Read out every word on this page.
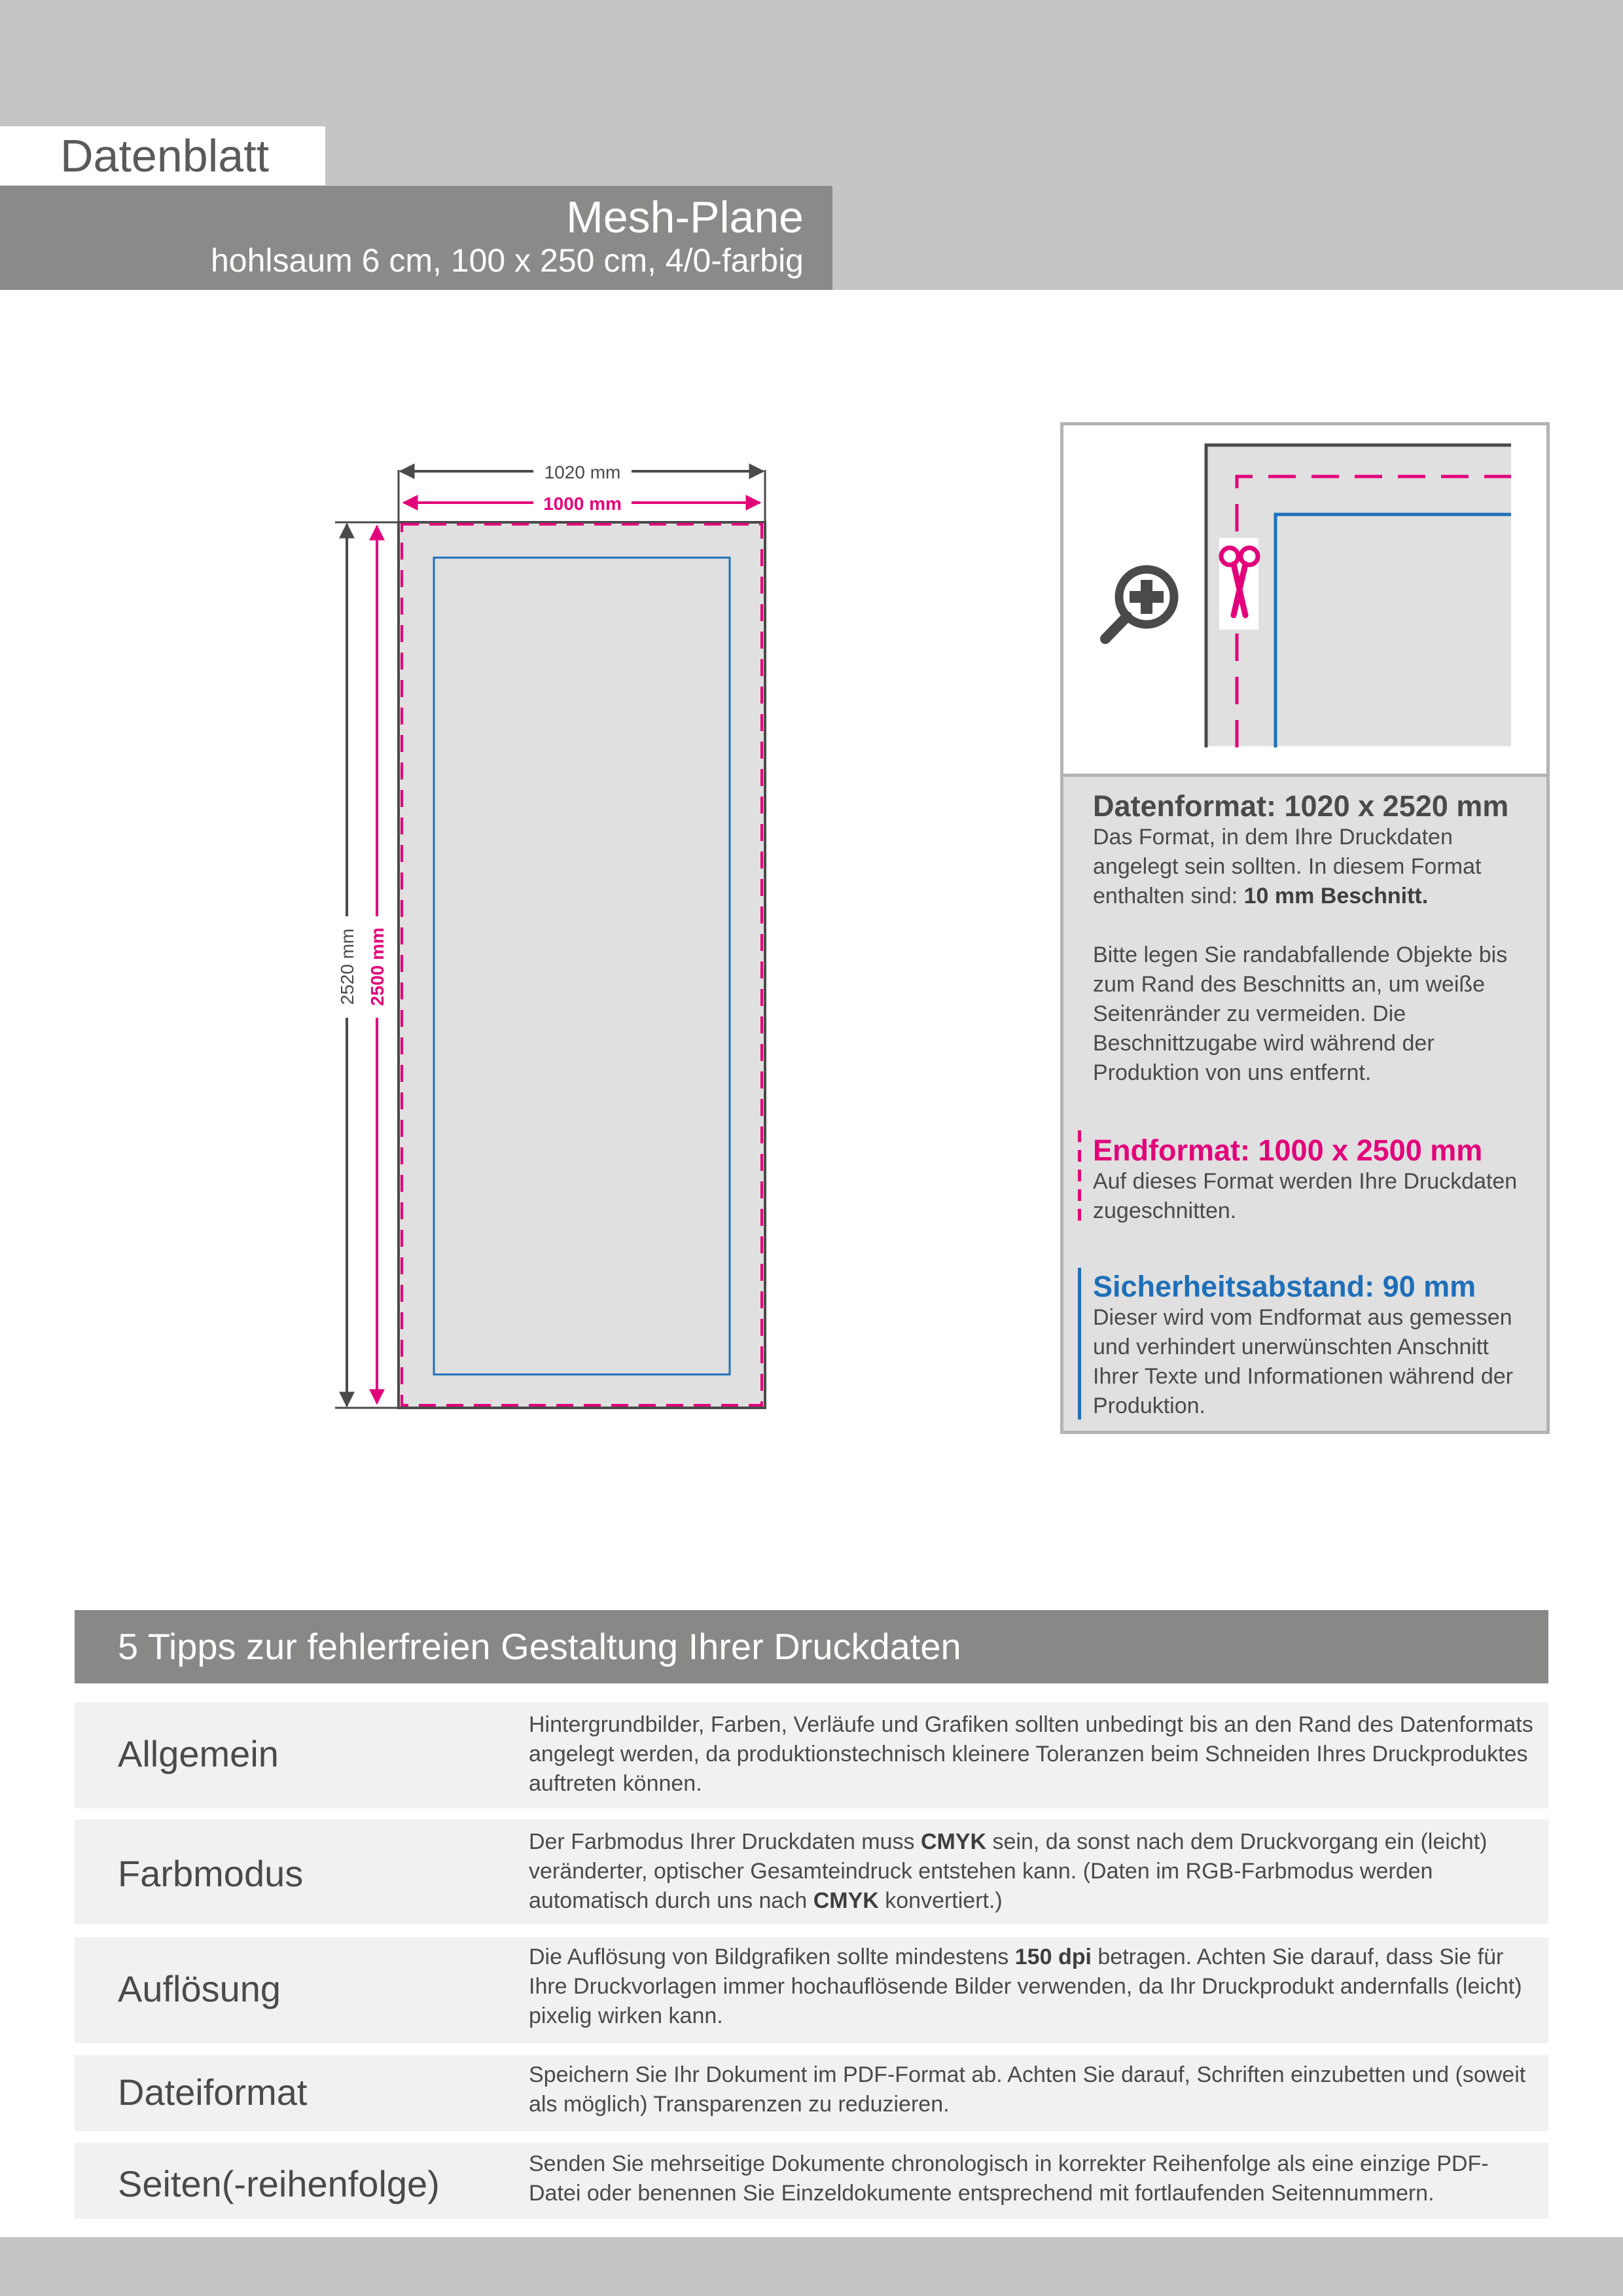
Datenblatt
Mesh-Plane
hohlsaum 6 cm, 100 x 250 cm, 4/0-farbig
1020 mm
1000 mm
2520 mm 2500 mm
Datenformat: 1020 x 2520 mm
Das Format, in dem Ihre Druckdaten angelegt sein sollten. In diesem Format enthalten sind: 10 mm Beschnitt.
Bitte legen Sie randabfallende Objekte bis zum Rand des Beschnitts an, um weiße Seitenränder zu vermeiden. Die Beschnittzugabe wird während der Produktion von uns entfernt.
Endformat: 1000 x 2500 mm
Auf dieses Format werden Ihre Druckdaten zugeschnitten.
Sicherheitsabstand: 90 mm
Dieser wird vom Endformat aus gemessen und verhindert unerwünschten Anschnitt Ihrer Texte und Informationen während der Produktion.
5 Tipps zur fehlerfreien Gestaltung Ihrer Druckdaten
Allgemein
Hintergrundbilder, Farben, Verläufe und Grafiken sollten unbedingt bis an den Rand des Datenformats angelegt werden, da produktionstechnisch kleinere Toleranzen beim Schneiden Ihres Druckproduktes auftreten können.
Farbmodus
Der Farbmodus Ihrer Druckdaten muss CMYK sein, da sonst nach dem Druckvorgang ein (leicht) veränderter, optischer Gesamteindruck entstehen kann. (Daten im RGB-Farbmodus werden automatisch durch uns nach CMYK konvertiert.)
Auflösung
Die Auflösung von Bildgrafiken sollte mindestens 150 dpi betragen. Achten Sie darauf, dass Sie für Ihre Druckvorlagen immer hochauflösende Bilder verwenden, da Ihr Druckprodukt andernfalls (leicht) pixelig wirken kann.
Dateiformat	Speichern Sie Ihr Dokument im PDF-Format ab. Achten Sie darauf, Schriften einzubetten und (soweit als möglich) Transparenzen zu reduzieren.
Seiten(-reihenfolge)	Senden Sie mehrseitige Dokumente chronologisch in korrekter Reihenfolge als eine einzige PDF-Datei oder benennen Sie Einzeldokumente entsprechend mit fortlaufenden Seitennummern.
